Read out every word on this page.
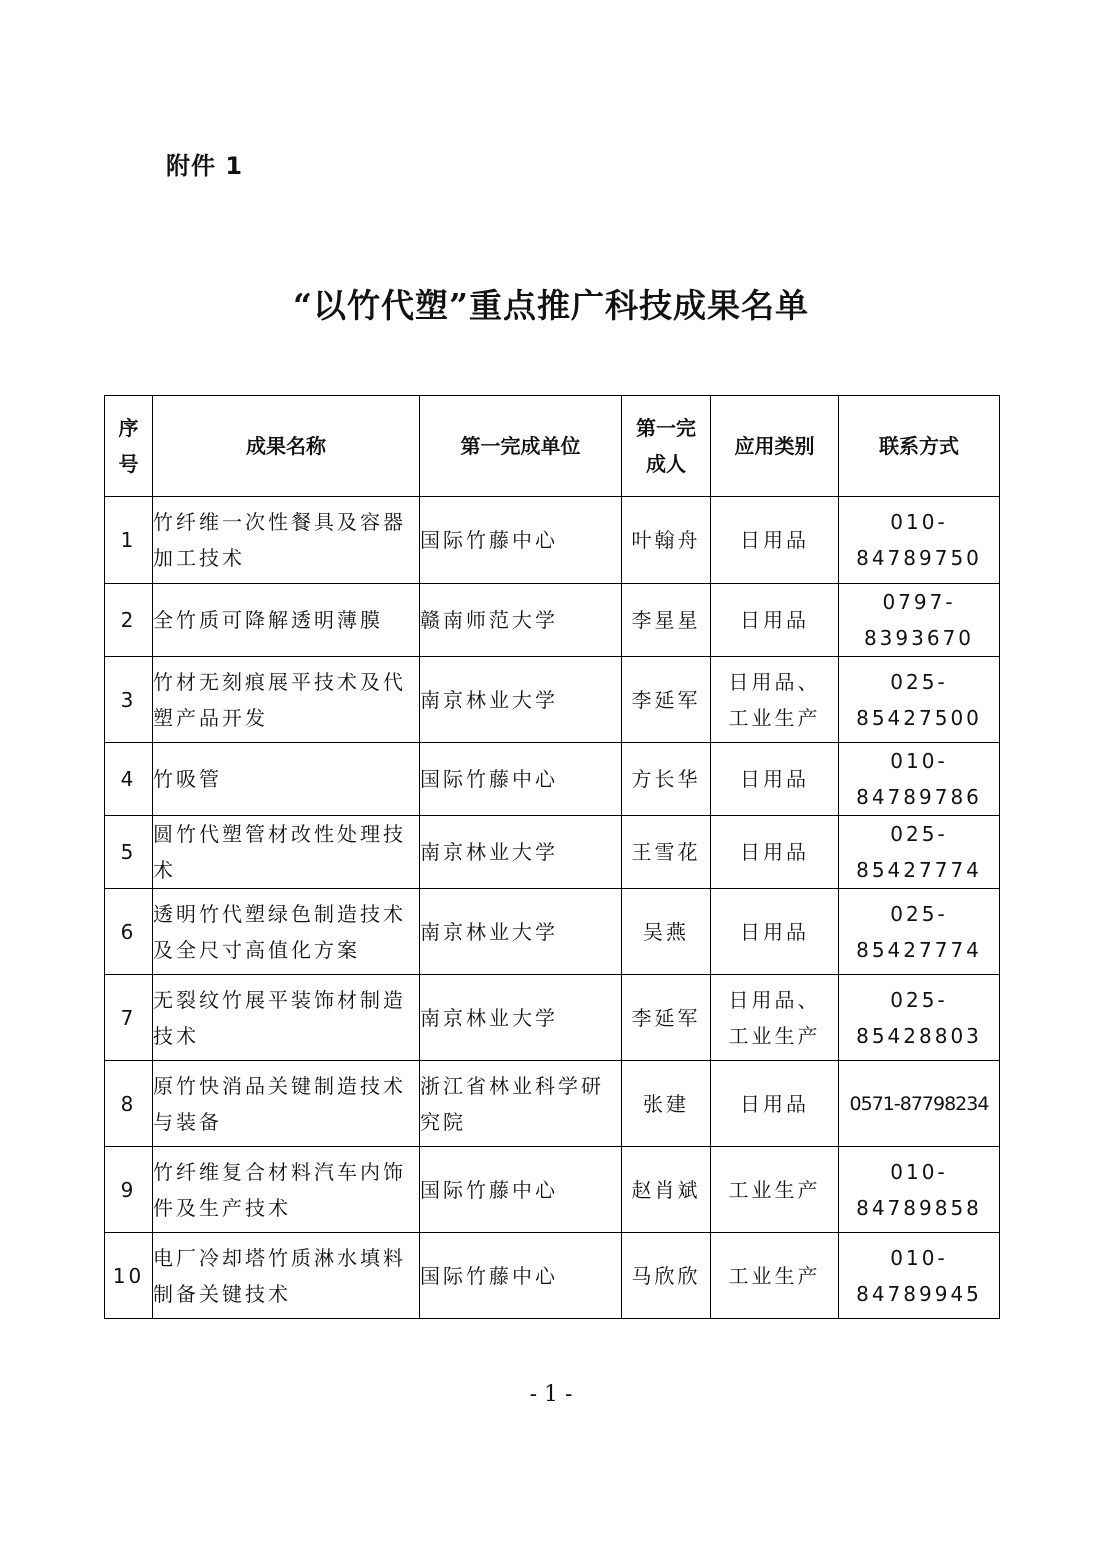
附件 1
“以竹代塑”重点推广科技成果名单
序号	成果名称	第一完成单位	第一完成人	应用类别	联系方式
1	竹纤维一次性餐具及容器加工技术	国际竹藤中心	叶翰舟	日用品	010-84789750
2	全竹质可降解透明薄膜	赣南师范大学	李星星	日用品	0797-8393670
3	竹材无刻痕展平技术及代塑产品开发	南京林业大学	李延军	日用品、工业生产	025-85427500
4	竹吸管	国际竹藤中心	方长华	日用品	010-84789786
5	圆竹代塑管材改性处理技术	南京林业大学	王雪花	日用品	025-85427774
6	透明竹代塑绿色制造技术及全尺寸高值化方案	南京林业大学	吴燕	日用品	025-85427774
7	无裂纹竹展平装饰材制造技术	南京林业大学	李延军	日用品、工业生产	025-85428803
8	原竹快消品关键制造技术与装备	浙江省林业科学研究院	张建	日用品	0571-87798234
9	竹纤维复合材料汽车内饰件及生产技术	国际竹藤中心	赵肖斌	工业生产	010-84789858
10	电厂冷却塔竹质淋水填料制备关键技术	国际竹藤中心	马欣欣	工业生产	010-84789945
- 1 -
